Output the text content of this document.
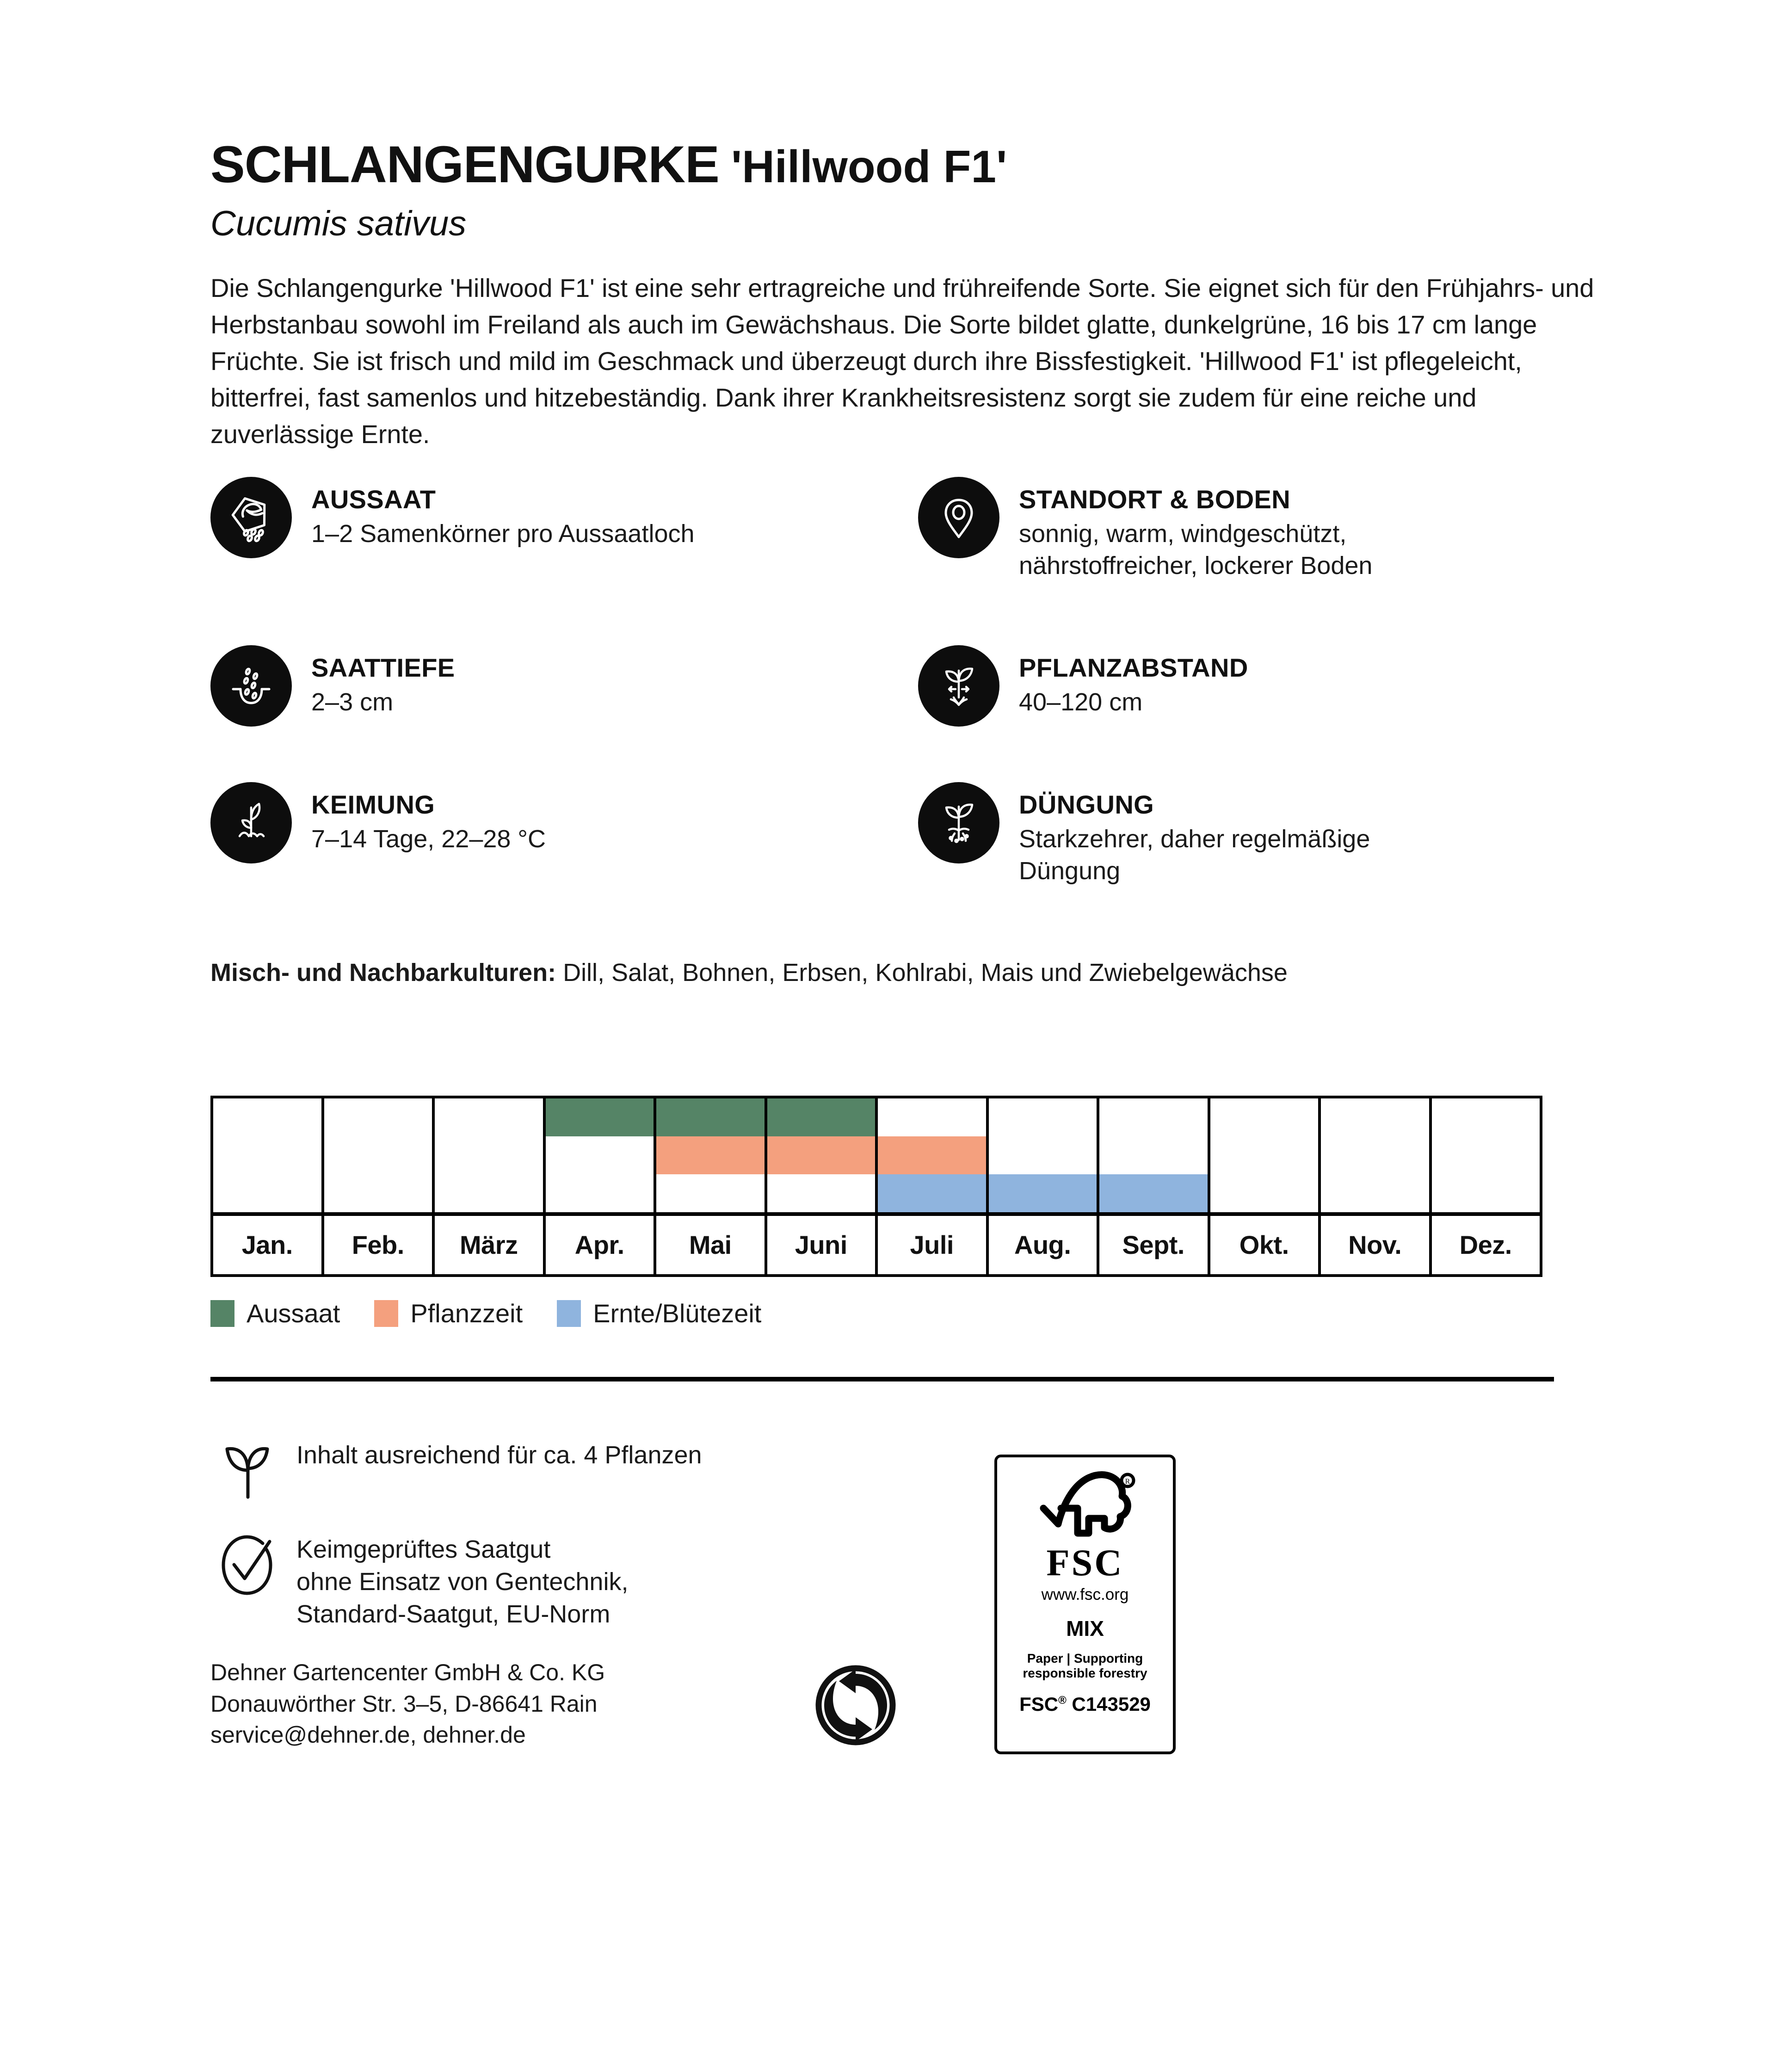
SCHLANGENGURKE 'Hillwood F1'
Cucumis sativus
Die Schlangengurke 'Hillwood F1' ist eine sehr ertragreiche und frühreifende Sorte. Sie eignet sich für den Frühjahrs- und Herbstanbau sowohl im Freiland als auch im Gewächshaus. Die Sorte bildet glatte, dunkelgrüne, 16 bis 17 cm lange Früchte. Sie ist frisch und mild im Geschmack und überzeugt durch ihre Bissfestigkeit. 'Hillwood F1' ist pflegeleicht, bitterfrei, fast samenlos und hitzebeständig. Dank ihrer Krankheitsresistenz sorgt sie zudem für eine reiche und zuverlässige Ernte.
AUSSAAT
1–2 Samenkörner pro Aussaatloch
STANDORT & BODEN
sonnig, warm, windgeschützt,
nährstoffreicher, lockerer Boden
SAATTIEFE
2–3 cm
PFLANZABSTAND
40–120 cm
KEIMUNG
7–14 Tage, 22–28 °C
DÜNGUNG
Starkzehrer, daher regelmäßige
Düngung
Misch- und Nachbarkulturen: Dill, Salat, Bohnen, Erbsen, Kohlrabi, Mais und Zwiebelgewächse

Jan.	Feb.	März	Apr.	Mai	Juni	Juli	Aug.	Sept.	Okt.	Nov.	Dez.
Aussaat	Pflanzzeit	Ernte/Blütezeit
Inhalt ausreichend für ca. 4 Pflanzen
Keimgeprüftes Saatgut
ohne Einsatz von Gentechnik,
Standard-Saatgut, EU-Norm
Dehner Gartencenter GmbH & Co. KG
Donauwörther Str. 3–5, D-86641 Rain
service@dehner.de, dehner.de
R
FSC
www.fsc.org
MIX
Paper | Supporting
responsible forestry
FSC® C143529
